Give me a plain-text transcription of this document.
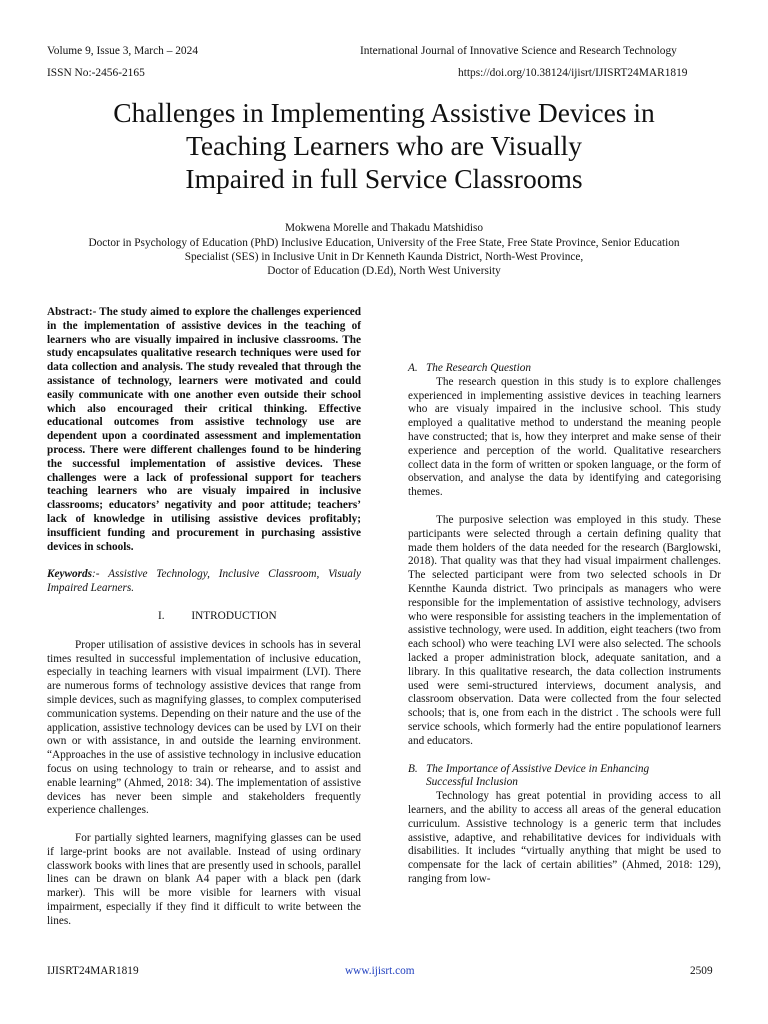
Volume 9, Issue 3, March – 2024	International Journal of Innovative Science and Research Technology
ISSN No:-2456-2165	https://doi.org/10.38124/ijisrt/IJISRT24MAR1819
Challenges in Implementing Assistive Devices in
Teaching Learners who are Visually
Impaired in full Service Classrooms
Mokwena Morelle and Thakadu Matshidiso
Doctor in Psychology of Education (PhD) Inclusive Education, University of the Free State, Free State Province, Senior Education
Specialist (SES) in Inclusive Unit in Dr Kenneth Kaunda District, North-West Province,
Doctor of Education (D.Ed), North West University

Abstract:- The study aimed to explore the challenges experienced in the implementation of assistive devices in the teaching of learners who are visually impaired in inclusive classrooms. The study encapsulates qualitative research techniques were used for data collection and analysis. The study revealed that through the assistance of technology, learners were motivated and could easily communicate with one another even outside their school which also encouraged their critical thinking. Effective educational outcomes from assistive technology use are dependent upon a coordinated assessment and implementation process. There were different challenges found to be hindering the successful implementation of assistive devices. These challenges were a lack of professional support for teachers teaching learners who are visualy impaired in inclusive classrooms; educators’ negativity and poor attitude; teachers’ lack of knowledge in utilising assistive devices profitably; insufficient funding and procurement in purchasing assistive devices in schools.

Keywords:- Assistive Technology, Inclusive Classroom, Visualy Impaired Learners.

I. INTRODUCTION

Proper utilisation of assistive devices in schools has in several times resulted in successful implementation of inclusive education, especially in teaching learners with visual impairment (LVI). There are numerous forms of technology assistive devices that range from simple devices, such as magnifying glasses, to complex computerised communication systems. Depending on their nature and the use of the application, assistive technology devices can be used by LVI on their own or with assistance, in and outside the learning environment. “Approaches in the use of assistive technology in inclusive education focus on using technology to train or rehearse, and to assist and enable learning” (Ahmed, 2018: 34). The implementation of assistive devices has never been simple and stakeholders frequently experience challenges.

For partially sighted learners, magnifying glasses can be used if large-print books are not available. Instead of using ordinary classwork books with lines that are presently used in schools, parallel lines can be drawn on blank A4 paper with a black pen (dark marker). This will be more visible for learners with visual impairment, especially if they find it difficult to write between the lines.

A. The Research Question

The research question in this study is to explore challenges experienced in implementing assistive devices in teaching learners who are visualy impaired in the inclusive school. This study employed a qualitative method to understand the meaning people have constructed; that is, how they interpret and make sense of their experience and perception of the world. Qualitative researchers collect data in the form of written or spoken language, or the form of observation, and analyse the data by identifying and categorising themes.

The purposive selection was employed in this study. These participants were selected through a certain defining quality that made them holders of the data needed for the research (Barglowski, 2018). That quality was that they had visual impairment challenges. The selected participant were from two selected schools in Dr Kennthe Kaunda district. Two principals as managers who were responsible for the implementation of assistive technology, advisers who were responsible for assisting teachers in the implementation of assistive technology, were used. In addition, eight teachers (two from each school) who were teaching LVI were also selected. The schools lacked a proper administration block, adequate sanitation, and a library. In this qualitative research, the data collection instruments used were semi-structured interviews, document analysis, and classroom observation. Data were collected from the four selected schools; that is, one from each in the district . The schools were full service schools, which formerly had the entire populationof learners and educators.

B. The Importance of Assistive Device in Enhancing
Successful Inclusion

Technology has great potential in providing access to all learners, and the ability to access all areas of the general education curriculum. Assistive technology is a generic term that includes assistive, adaptive, and rehabilitative devices for individuals with disabilities. It includes “virtually anything that might be used to compensate for the lack of certain abilities” (Ahmed, 2018: 129), ranging from low-

IJISRT24MAR1819	www.ijisrt.com	2509
